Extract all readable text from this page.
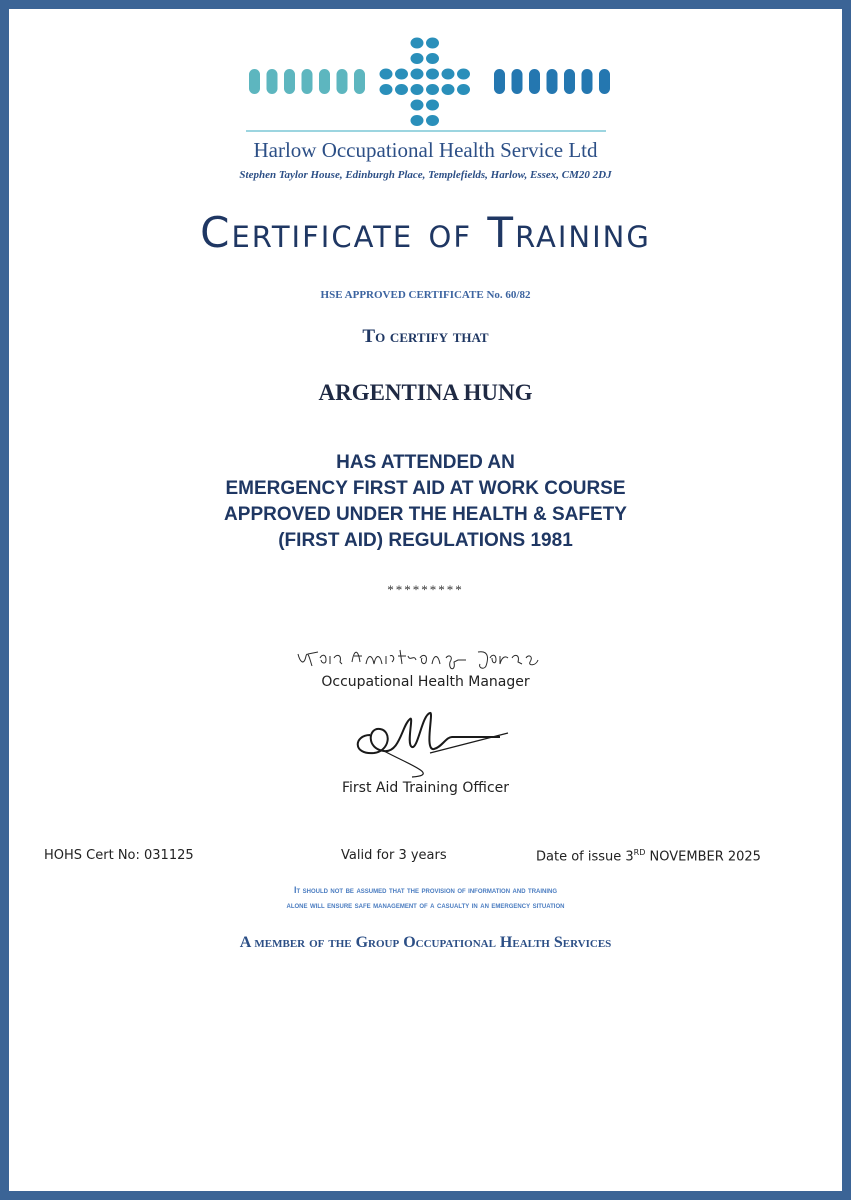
Harlow Occupational Health Service Ltd
Stephen Taylor House, Edinburgh Place, Templefields, Harlow, Essex, CM20 2DJ
Certificate of Training
HSE APPROVED CERTIFICATE No. 60/82
To certify that
ARGENTINA HUNG
HAS ATTENDED AN
EMERGENCY FIRST AID AT WORK COURSE
APPROVED UNDER THE HEALTH & SAFETY
(FIRST AID) REGULATIONS 1981
*********
Occupational Health Manager
First Aid Training Officer
HOHS Cert No: 031125	Valid for 3 years	Date of issue 3RD NOVEMBER 2025
It should not be assumed that the provision of information and training
alone will ensure safe management of a casualty in an emergency situation
A member of the Group Occupational Health Services
